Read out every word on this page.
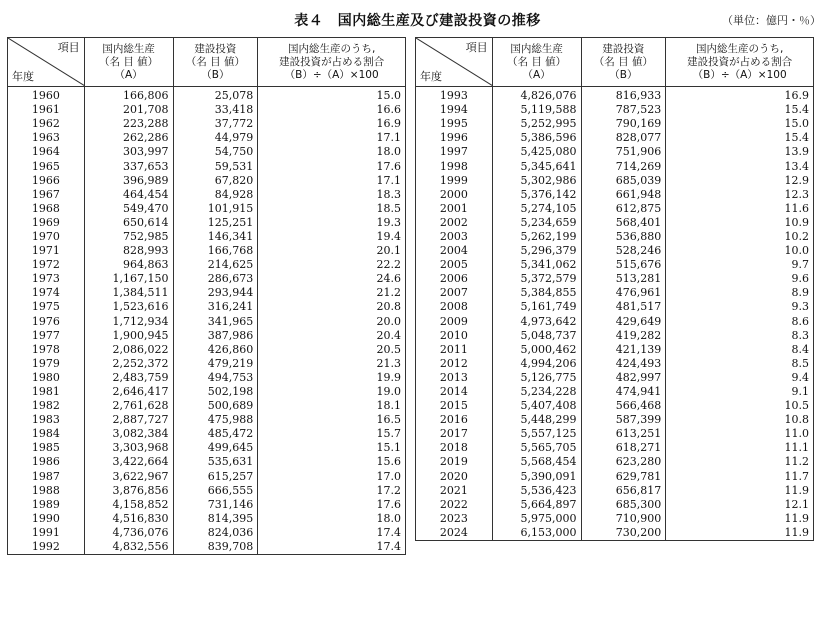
表４　国内総生産及び建設投資の推移	（単位：億円・％）
項目
年度	国内総生産
（名 目 値）
（A）	建設投資
（名 目 値）
（B）	国内総生産のうち,
建設投資が占める割合
（B）÷（A）×100

1960	166,806	25,078	15.0
1961	201,708	33,418	16.6
1962	223,288	37,772	16.9
1963	262,286	44,979	17.1
1964	303,997	54,750	18.0
1965	337,653	59,531	17.6
1966	396,989	67,820	17.1
1967	464,454	84,928	18.3
1968	549,470	101,915	18.5
1969	650,614	125,251	19.3
1970	752,985	146,341	19.4
1971	828,993	166,768	20.1
1972	964,863	214,625	22.2
1973	1,167,150	286,673	24.6
1974	1,384,511	293,944	21.2
1975	1,523,616	316,241	20.8
1976	1,712,934	341,965	20.0
1977	1,900,945	387,986	20.4
1978	2,086,022	426,860	20.5
1979	2,252,372	479,219	21.3
1980	2,483,759	494,753	19.9
1981	2,646,417	502,198	19.0
1982	2,761,628	500,689	18.1
1983	2,887,727	475,988	16.5
1984	3,082,384	485,472	15.7
1985	3,303,968	499,645	15.1
1986	3,422,664	535,631	15.6
1987	3,622,967	615,257	17.0
1988	3,876,856	666,555	17.2
1989	4,158,852	731,146	17.6
1990	4,516,830	814,395	18.0
1991	4,736,076	824,036	17.4
1992	4,832,556	839,708	17.4
項目
年度	国内総生産
（名 目 値）
（A）	建設投資
（名 目 値）
（B）	国内総生産のうち,
建設投資が占める割合
（B）÷（A）×100

1993	4,826,076	816,933	16.9
1994	5,119,588	787,523	15.4
1995	5,252,995	790,169	15.0
1996	5,386,596	828,077	15.4
1997	5,425,080	751,906	13.9
1998	5,345,641	714,269	13.4
1999	5,302,986	685,039	12.9
2000	5,376,142	661,948	12.3
2001	5,274,105	612,875	11.6
2002	5,234,659	568,401	10.9
2003	5,262,199	536,880	10.2
2004	5,296,379	528,246	10.0
2005	5,341,062	515,676	9.7
2006	5,372,579	513,281	9.6
2007	5,384,855	476,961	8.9
2008	5,161,749	481,517	9.3
2009	4,973,642	429,649	8.6
2010	5,048,737	419,282	8.3
2011	5,000,462	421,139	8.4
2012	4,994,206	424,493	8.5
2013	5,126,775	482,997	9.4
2014	5,234,228	474,941	9.1
2015	5,407,408	566,468	10.5
2016	5,448,299	587,399	10.8
2017	5,557,125	613,251	11.0
2018	5,565,705	618,271	11.1
2019	5,568,454	623,280	11.2
2020	5,390,091	629,781	11.7
2021	5,536,423	656,817	11.9
2022	5,664,897	685,300	12.1
2023	5,975,000	710,900	11.9
2024	6,153,000	730,200	11.9
